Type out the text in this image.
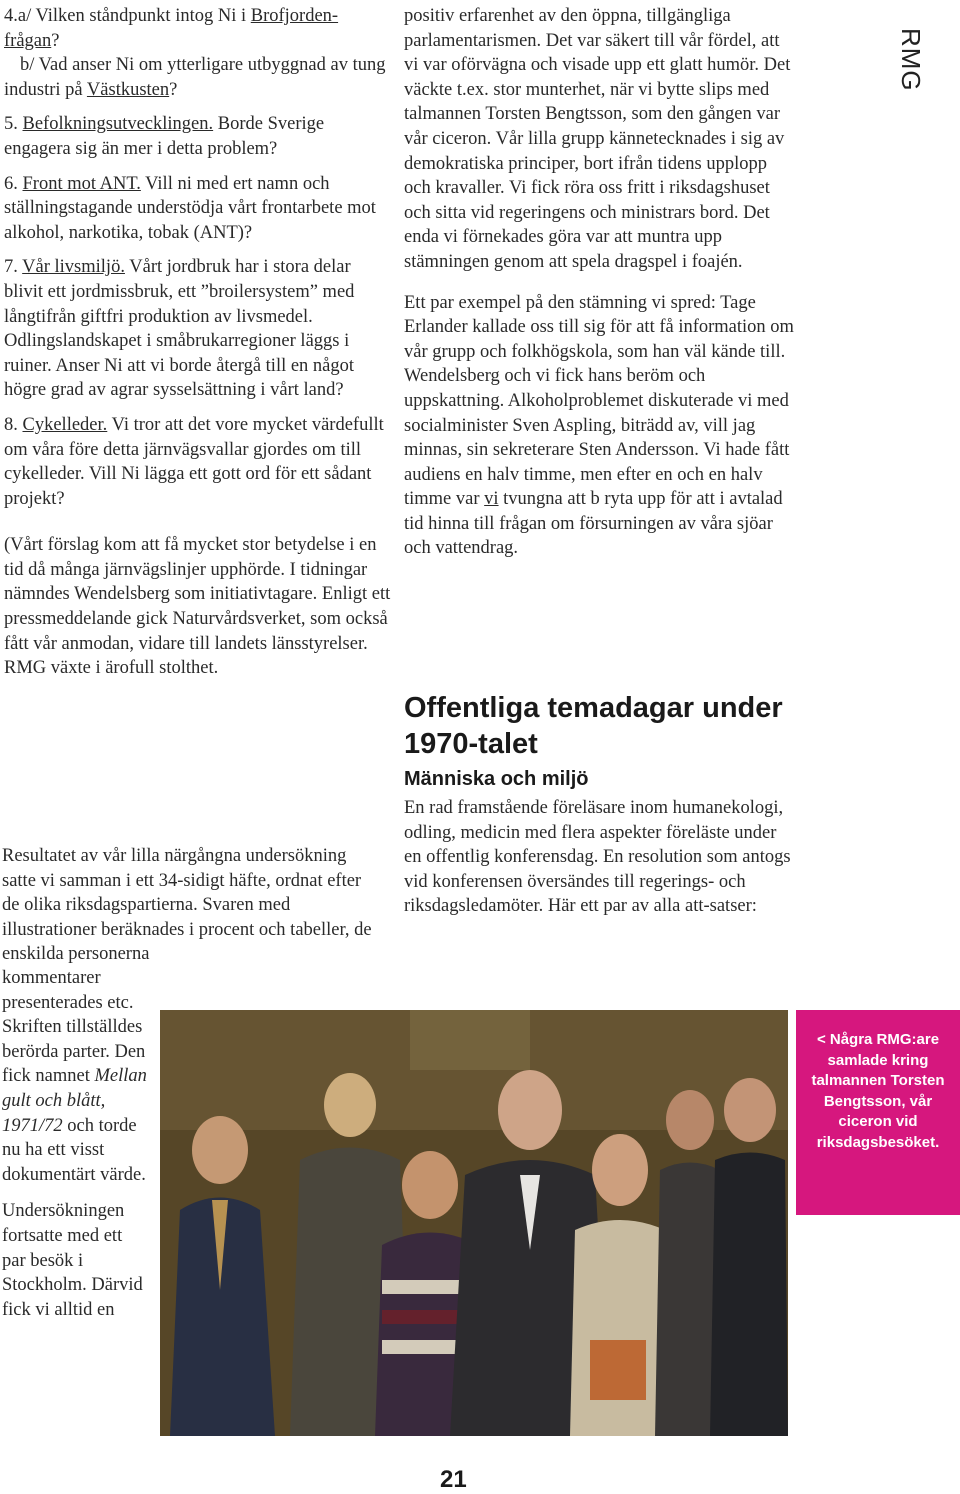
4.a/ Vilken ståndpunkt intog Ni i Brofjorden-frågan?
b/ Vad anser Ni om ytterligare utbyggnad av tung industri på Västkusten?

5. Befolkningsutvecklingen. Borde Sverige engagera sig än mer i detta problem?

6. Front mot ANT. Vill ni med ert namn och ställningstagande understödja vårt frontarbete mot alkohol, narkotika, tobak (ANT)?

7. Vår livsmiljö. Vårt jordbruk har i stora delar blivit ett jordmissbruk, ett ”broilersystem” med långtifrån giftfri produktion av livsmedel. Odlingslandskapet i småbrukarregioner läggs i ruiner. Anser Ni att vi borde återgå till en något högre grad av agrar sysselsättning i vårt land?

8. Cykelleder. Vi tror att det vore mycket värdefullt om våra före detta järnvägsvallar gjordes om till cykelleder. Vill Ni lägga ett gott ord för ett sådant projekt?

(Vårt förslag kom att få mycket stor betydelse i en tid då många järnvägslinjer upphörde. I tidningar nämndes Wendelsberg som initiativtagare. Enligt ett pressmeddelande gick Naturvårdsverket, som också fått vår anmodan, vidare till landets länsstyrelser. RMG växte i ärofull stolthet.

positiv erfarenhet av den öppna, tillgängliga parlamentarismen. Det var säkert till vår fördel, att vi var oförvägna och visade upp ett glatt humör. Det väckte t.ex. stor munterhet, när vi bytte slips med talmannen Torsten Bengtsson, som den gången var vår ciceron. Vår lilla grupp kännetecknades i sig av demokratiska principer, bort ifrån tidens upplopp och kravaller. Vi fick röra oss fritt i riksdagshuset och sitta vid regeringens och ministrars bord. Det enda vi förnekades göra var att muntra upp stämningen genom att spela dragspel i foajén.

Ett par exempel på den stämning vi spred: Tage Erlander kallade oss till sig för att få information om vår grupp och folkhögskola, som han väl kände till. Wendelsberg och vi fick hans beröm och uppskattning. Alkoholproblemet diskuterade vi med socialminister Sven Aspling, biträdd av, vill jag minnas, sin sekreterare Sten Andersson. Vi hade fått audiens en halv timme, men efter en och en halv timme var vi tvungna att b ryta upp för att i avtalad tid hinna till frågan om försurningen av våra sjöar och vattendrag.

RMG
Offentliga temadagar under 1970-talet
Människa och miljö
En rad framstående föreläsare inom humanekologi, odling, medicin med flera aspekter föreläste under en offentlig konferensdag. En resolution som antogs vid konferensen översändes till regerings- och riksdagsledamöter. Här ett par av alla att-satser:
Resultatet av vår lilla närgångna undersökning satte vi samman i ett 34-sidigt häfte, ordnat efter de olika riksdagspartierna. Svaren med illustrationer beräknades i procent och tabeller, de enskilda personerna

kommentarer presenterades etc. Skriften tillställdes berörda parter. Den fick namnet Mellan gult och blått, 1971/72 och torde nu ha ett visst dokumentärt värde.

Undersökningen fortsatte med ett par besök i Stockholm. Därvid fick vi alltid en

< Några RMG:are samlade kring talmannen Torsten Bengtsson, vår ciceron vid riksdagsbesöket.
21
